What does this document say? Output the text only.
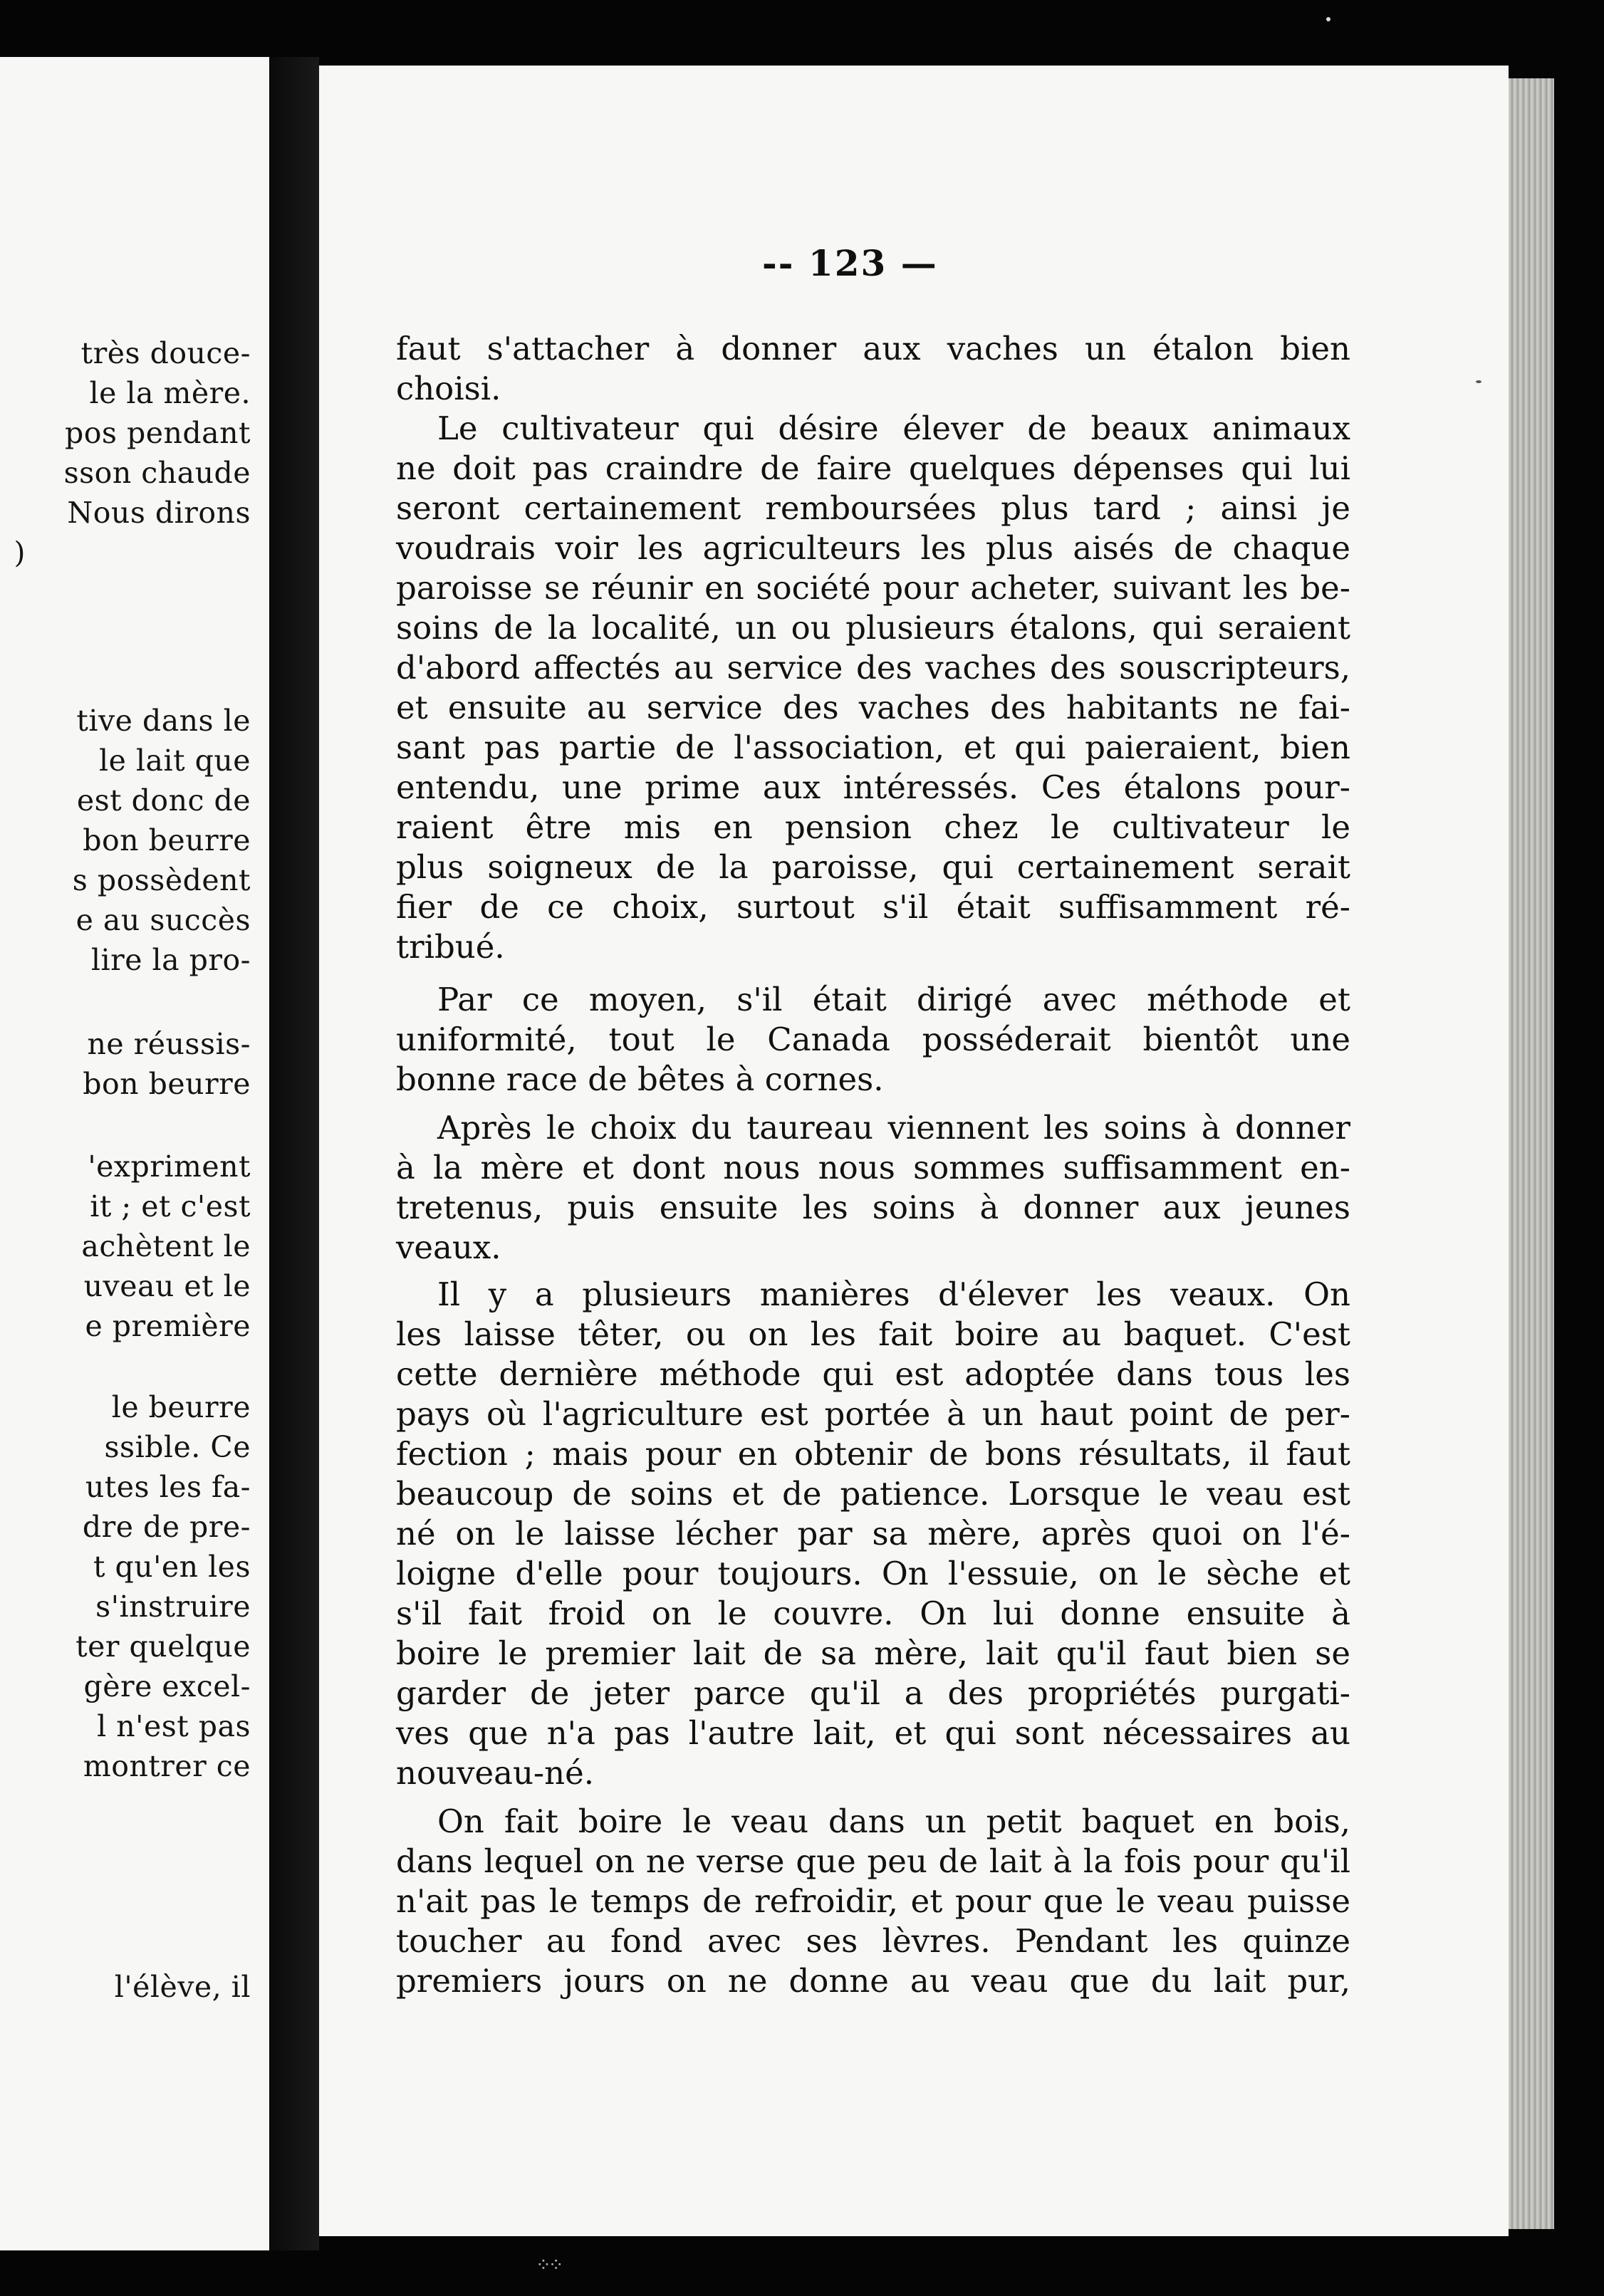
très douce-
le la mère.
pos pendant
sson chaude
Nous dirons
)
tive dans le
le lait que
est donc de
bon beurre
s possèdent
e au succès
lire la pro-
ne réussis-
bon beurre
'expriment
it ; et c'est
achètent le
uveau et le
e première
le beurre
ssible. Ce
utes les fa-
dre de pre-
t qu'en les
s'instruire
ter quelque
gère excel-
l n'est pas
montrer ce
l'élève, il
-- 123 —
faut s'attacher à donner aux vaches un étalon bien
choisi.
Le cultivateur qui désire élever de beaux animaux
ne doit pas craindre de faire quelques dépenses qui lui
seront certainement remboursées plus tard ; ainsi je
voudrais voir les agriculteurs les plus aisés de chaque
paroisse se réunir en société pour acheter, suivant les be-
soins de la localité, un ou plusieurs étalons, qui seraient
d'abord affectés au service des vaches des souscripteurs,
et ensuite au service des vaches des habitants ne fai-
sant pas partie de l'association, et qui paieraient, bien
entendu, une prime aux intéressés. Ces étalons pour-
raient être mis en pension chez le cultivateur le
plus soigneux de la paroisse, qui certainement serait
fier de ce choix, surtout s'il était suffisamment ré-
tribué.
Par ce moyen, s'il était dirigé avec méthode et
uniformité, tout le Canada posséderait bientôt une
bonne race de bêtes à cornes.
Après le choix du taureau viennent les soins à donner
à la mère et dont nous nous sommes suffisamment en-
tretenus, puis ensuite les soins à donner aux jeunes
veaux.
Il y a plusieurs manières d'élever les veaux. On
les laisse têter, ou on les fait boire au baquet. C'est
cette dernière méthode qui est adoptée dans tous les
pays où l'agriculture est portée à un haut point de per-
fection ; mais pour en obtenir de bons résultats, il faut
beaucoup de soins et de patience. Lorsque le veau est
né on le laisse lécher par sa mère, après quoi on l'é-
loigne d'elle pour toujours. On l'essuie, on le sèche et
s'il fait froid on le couvre. On lui donne ensuite à
boire le premier lait de sa mère, lait qu'il faut bien se
garder de jeter parce qu'il a des propriétés purgati-
ves que n'a pas l'autre lait, et qui sont nécessaires au
nouveau-né.
On fait boire le veau dans un petit baquet en bois,
dans lequel on ne verse que peu de lait à la fois pour qu'il
n'ait pas le temps de refroidir, et pour que le veau puisse
toucher au fond avec ses lèvres. Pendant les quinze
premiers jours on ne donne au veau que du lait pur,
⁘⁘
